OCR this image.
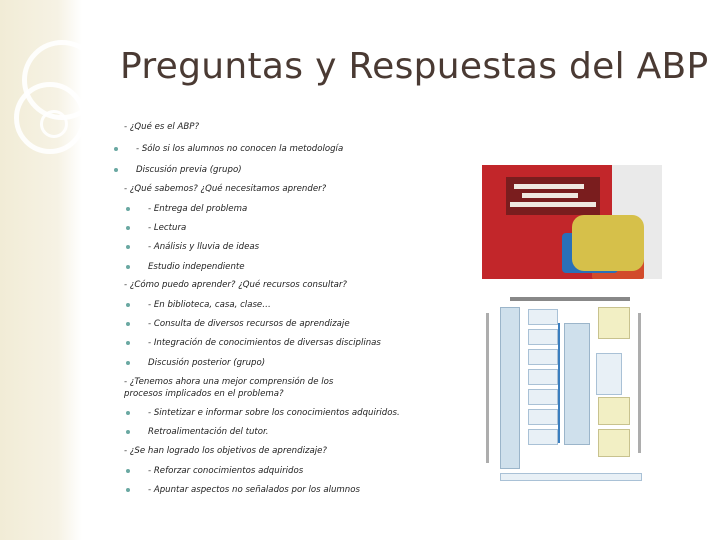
Preguntas y Respuestas del ABP
- ¿Qué es el ABP?
- Sólo si los alumnos no conocen la metodología
Discusión previa (grupo)
- ¿Qué sabemos? ¿Qué necesitamos aprender?
- Entrega del problema
- Lectura
- Análisis y lluvia de ideas
Estudio independiente
- ¿Cómo puedo aprender? ¿Qué recursos consultar?
- En biblioteca, casa, clase…
- Consulta de diversos recursos de aprendizaje
- Integración de conocimientos de diversas disciplinas
Discusión posterior (grupo)
- ¿Tenemos ahora una mejor comprensión de los procesos implicados en el problema?
- Sintetizar e informar sobre los conocimientos adquiridos.
Retroalimentación del tutor.
- ¿Se han logrado los objetivos de aprendizaje?
- Reforzar conocimientos adquiridos
- Apuntar aspectos no señalados por los alumnos
